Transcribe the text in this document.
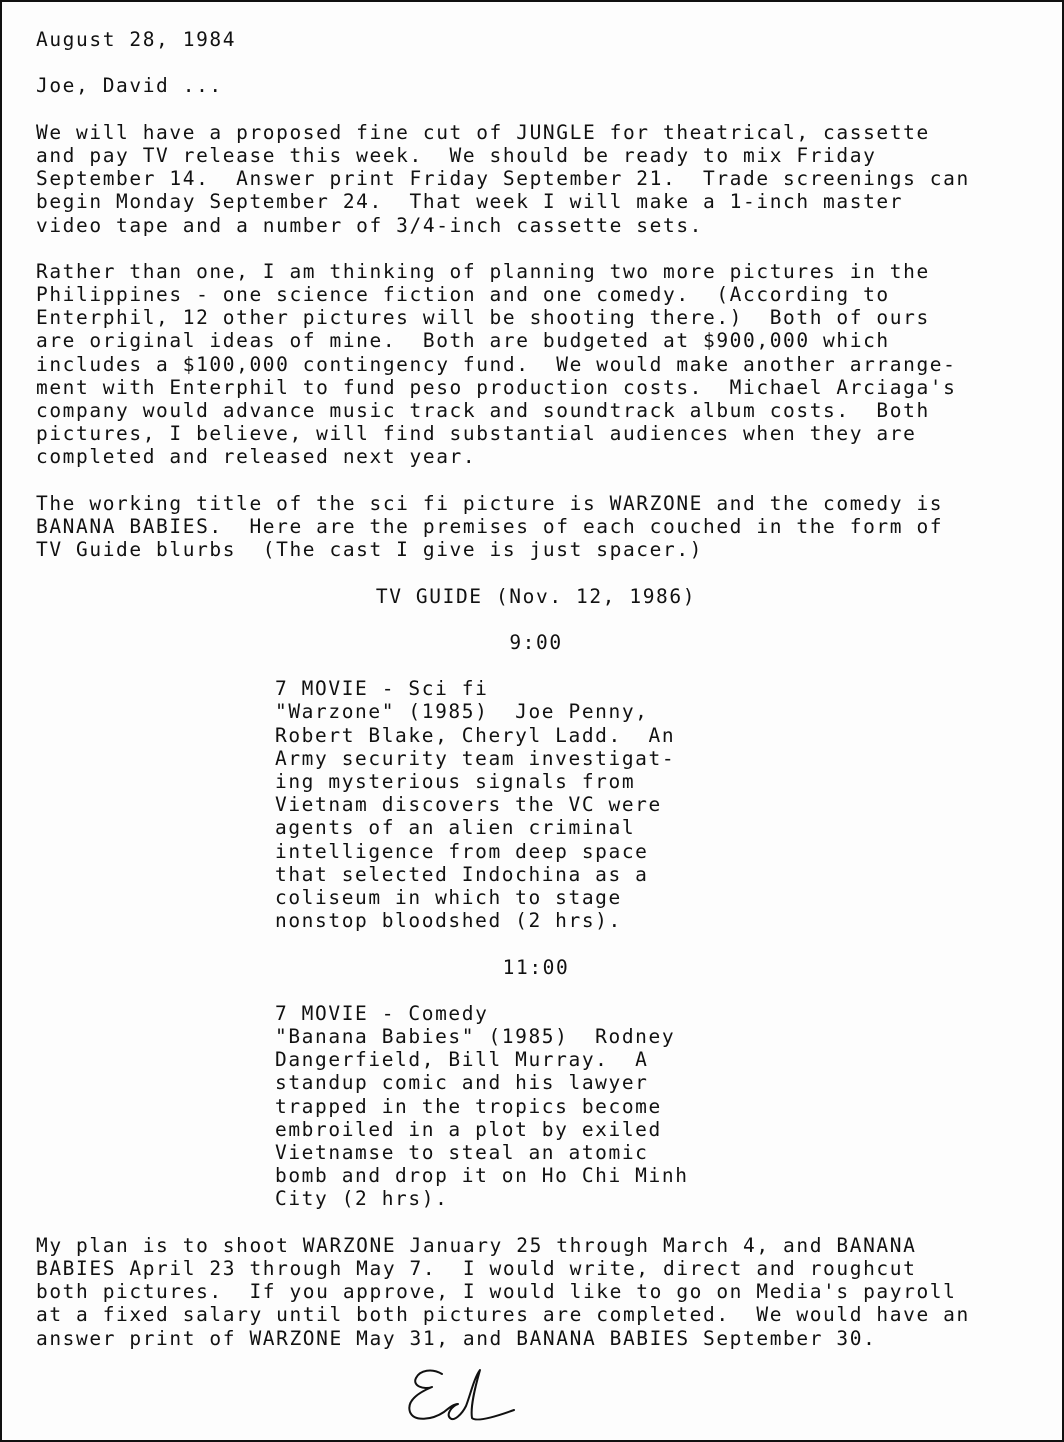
August 28, 1984
Joe, David ...
We will have a proposed fine cut of JUNGLE for theatrical, cassette
and pay TV release this week.  We should be ready to mix Friday
September 14.  Answer print Friday September 21.  Trade screenings can
begin Monday September 24.  That week I will make a 1-inch master
video tape and a number of 3/4-inch cassette sets.
Rather than one, I am thinking of planning two more pictures in the
Philippines - one science fiction and one comedy.  (According to
Enterphil, 12 other pictures will be shooting there.)  Both of ours
are original ideas of mine.  Both are budgeted at $900,000 which
includes a $100,000 contingency fund.  We would make another arrange-
ment with Enterphil to fund peso production costs.  Michael Arciaga's
company would advance music track and soundtrack album costs.  Both
pictures, I believe, will find substantial audiences when they are
completed and released next year.
The working title of the sci fi picture is WARZONE and the comedy is
BANANA BABIES.  Here are the premises of each couched in the form of
TV Guide blurbs  (The cast I give is just spacer.)
TV GUIDE (Nov. 12, 1986)
9:00
7 MOVIE - Sci fi
"Warzone" (1985)  Joe Penny,
Robert Blake, Cheryl Ladd.  An
Army security team investigat-
ing mysterious signals from
Vietnam discovers the VC were
agents of an alien criminal
intelligence from deep space
that selected Indochina as a
coliseum in which to stage
nonstop bloodshed (2 hrs).
11:00
7 MOVIE - Comedy
"Banana Babies" (1985)  Rodney
Dangerfield, Bill Murray.  A
standup comic and his lawyer
trapped in the tropics become
embroiled in a plot by exiled
Vietnamse to steal an atomic
bomb and drop it on Ho Chi Minh
City (2 hrs).
My plan is to shoot WARZONE January 25 through March 4, and BANANA
BABIES April 23 through May 7.  I would write, direct and roughcut
both pictures.  If you approve, I would like to go on Media's payroll
at a fixed salary until both pictures are completed.  We would have an
answer print of WARZONE May 31, and BANANA BABIES September 30.
